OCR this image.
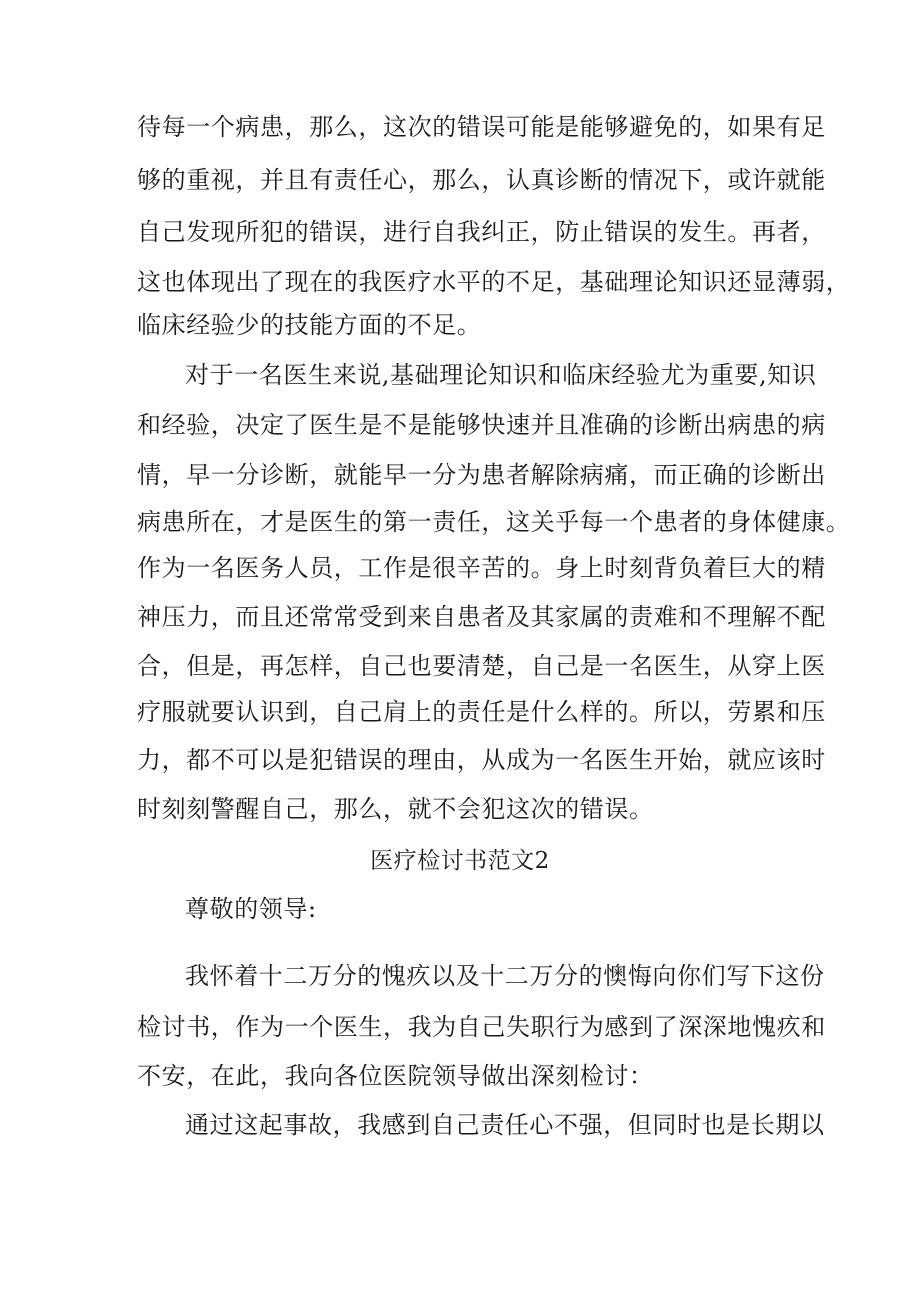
待每一个病患，那么，这次的错误可能是能够避免的，如果有足
够的重视，并且有责任心，那么，认真诊断的情况下，或许就能
自己发现所犯的错误，进行自我纠正，防止错误的发生。再者，
这也体现出了现在的我医疗水平的不足，基础理论知识还显薄弱，
临床经验少的技能方面的不足。
对于一名医生来说,基础理论知识和临床经验尤为重要,知识
和经验，决定了医生是不是能够快速并且准确的诊断出病患的病
情，早一分诊断，就能早一分为患者解除病痛，而正确的诊断出
病患所在，才是医生的第一责任，这关乎每一个患者的身体健康。
作为一名医务人员，工作是很辛苦的。身上时刻背负着巨大的精
神压力，而且还常常受到来自患者及其家属的责难和不理解不配
合，但是，再怎样，自己也要清楚，自己是一名医生，从穿上医
疗服就要认识到，自己肩上的责任是什么样的。所以，劳累和压
力，都不可以是犯错误的理由，从成为一名医生开始，就应该时
时刻刻警醒自己，那么，就不会犯这次的错误。
医疗检讨书范文2
尊敬的领导:
我怀着十二万分的愧疚以及十二万分的懊悔向你们写下这份
检讨书，作为一个医生，我为自己失职行为感到了深深地愧疚和
不安，在此，我向各位医院领导做出深刻检讨：
通过这起事故，我感到自己责任心不强，但同时也是长期以
